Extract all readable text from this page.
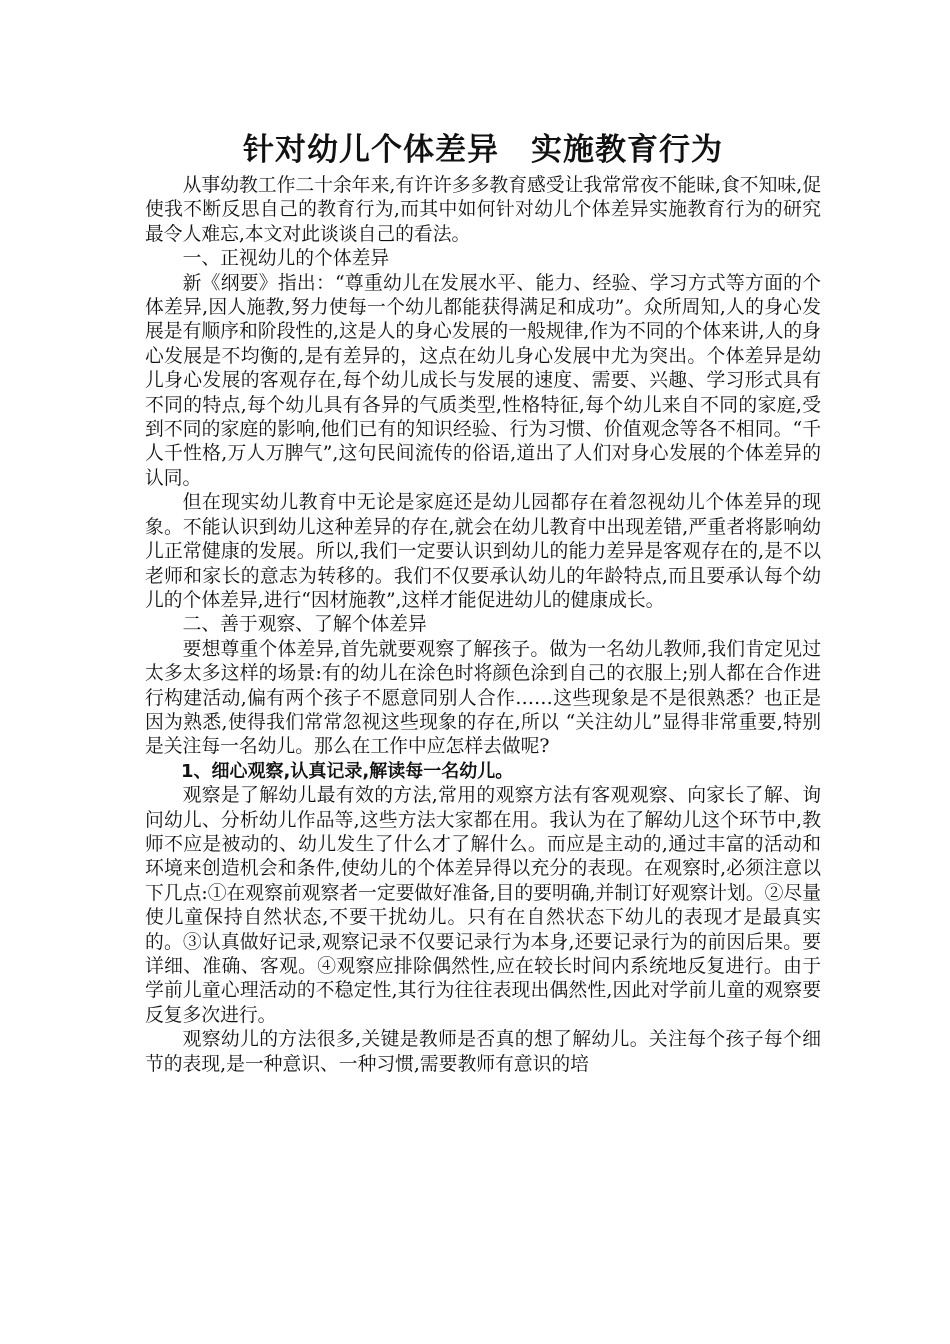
针对幼儿个体差异　实施教育行为

从事幼教工作二十余年来,有许许多多教育感受让我常常夜不能昧,食不知味,促使我不断反思自己的教育行为,而其中如何针对幼儿个体差异实施教育行为的研究最令人难忘,本文对此谈谈自己的看法。

一、正视幼儿的个体差异

新《纲要》指出：“尊重幼儿在发展水平、能力、经验、学习方式等方面的个体差异,因人施教,努力使每一个幼儿都能获得满足和成功”。众所周知,人的身心发展是有顺序和阶段性的,这是人的身心发展的一般规律,作为不同的个体来讲,人的身心发展是不均衡的,是有差异的，这点在幼儿身心发展中尤为突出。个体差异是幼儿身心发展的客观存在,每个幼儿成长与发展的速度、需要、兴趣、学习形式具有不同的特点,每个幼儿具有各异的气质类型,性格特征,每个幼儿来自不同的家庭,受到不同的家庭的影响,他们已有的知识经验、行为习惯、价值观念等各不相同。“千人千性格,万人万脾气”,这句民间流传的俗语,道出了人们对身心发展的个体差异的认同。

但在现实幼儿教育中无论是家庭还是幼儿园都存在着忽视幼儿个体差异的现象。不能认识到幼儿这种差异的存在,就会在幼儿教育中出现差错,严重者将影响幼儿正常健康的发展。所以,我们一定要认识到幼儿的能力差异是客观存在的,是不以老师和家长的意志为转移的。我们不仅要承认幼儿的年龄特点,而且要承认每个幼儿的个体差异,进行“因材施教”,这样才能促进幼儿的健康成长。

二、善于观察、了解个体差异

要想尊重个体差异,首先就要观察了解孩子。做为一名幼儿教师,我们肯定见过太多太多这样的场景:有的幼儿在涂色时将颜色涂到自己的衣服上;别人都在合作进行构建活动,偏有两个孩子不愿意同别人合作……这些现象是不是很熟悉？也正是因为熟悉,使得我们常常忽视这些现象的存在,所以 “关注幼儿”显得非常重要,特别是关注每一名幼儿。那么在工作中应怎样去做呢?

1、细心观察,认真记录,解读每一名幼儿。

观察是了解幼儿最有效的方法,常用的观察方法有客观观察、向家长了解、询问幼儿、分析幼儿作品等,这些方法大家都在用。我认为在了解幼儿这个环节中,教师不应是被动的、幼儿发生了什么才了解什么。而应是主动的,通过丰富的活动和环境来创造机会和条件,使幼儿的个体差异得以充分的表现。在观察时,必须注意以下几点:①在观察前观察者一定要做好准备,目的要明确,并制订好观察计划。②尽量使儿童保持自然状态,不要干扰幼儿。只有在自然状态下幼儿的表现才是最真实的。③认真做好记录,观察记录不仅要记录行为本身,还要记录行为的前因后果。要详细、准确、客观。④观察应排除偶然性,应在较长时间内系统地反复进行。由于学前儿童心理活动的不稳定性,其行为往往表现出偶然性,因此对学前儿童的观察要反复多次进行。

观察幼儿的方法很多,关键是教师是否真的想了解幼儿。关注每个孩子每个细节的表现,是一种意识、一种习惯,需要教师有意识的培
